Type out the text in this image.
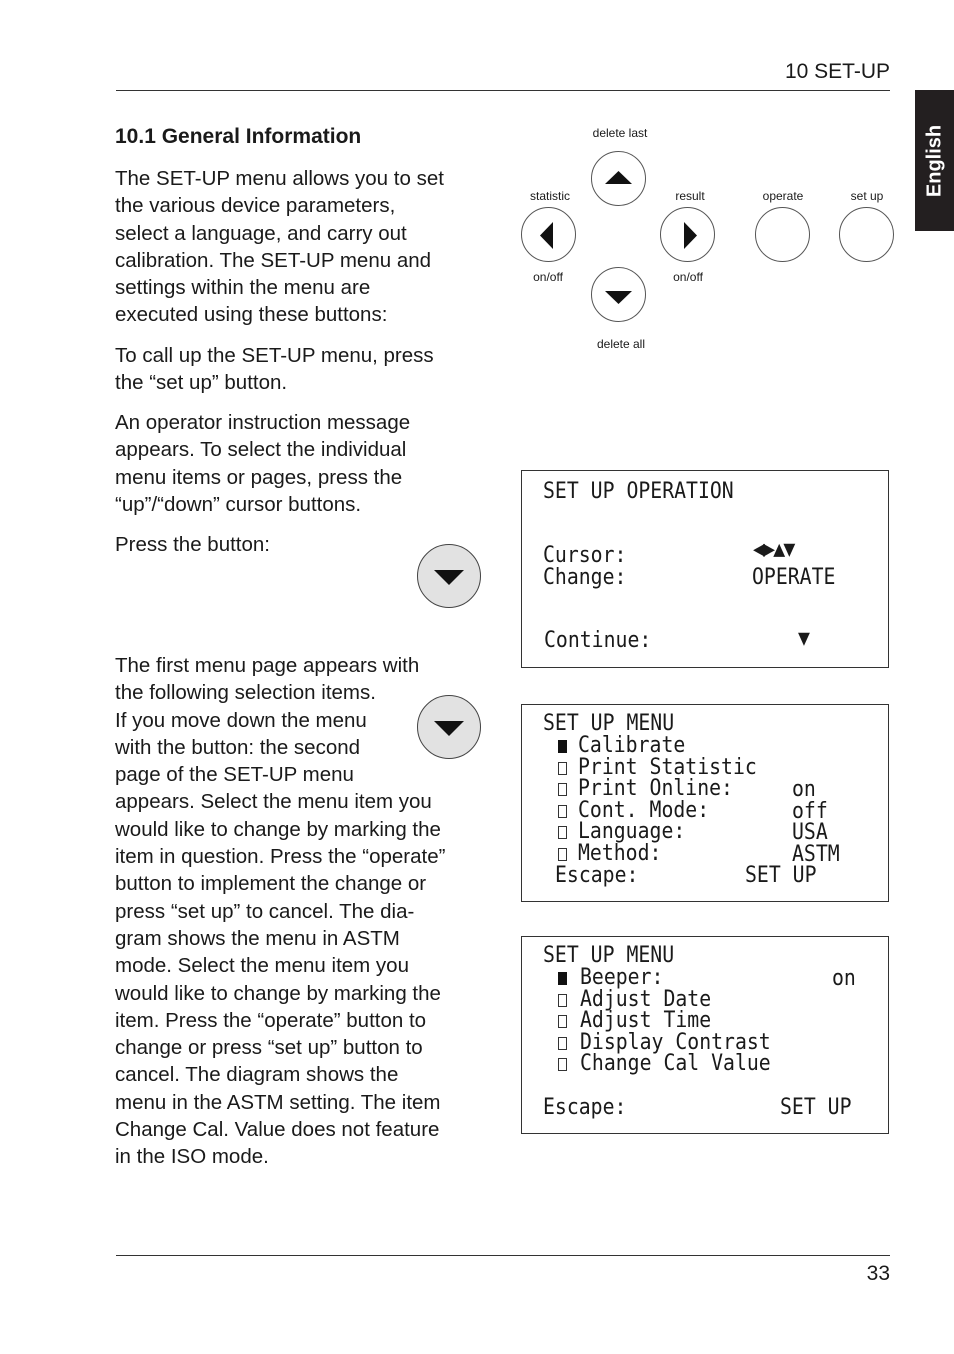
10 SET-UP
English
10.1 General Information
The SET-UP menu allows you to set
the various device parameters,
select a language, and carry out
calibration. The SET-UP menu and
settings within the menu are
executed using these buttons:
To call up the SET-UP menu, press
the “set up” button.
An operator instruction message
appears. To select the individual
menu items or pages, press the
“up”/“down” cursor buttons.
Press the button:
The first menu page appears with
the following selection items.
If you move down the menu
with the button: the second
page of the SET-UP menu
appears. Select the menu item you
would like to change by marking the
item in question. Press the “operate”
button to implement the change or
press “set up” to cancel. The dia-
gram shows the menu in ASTM
mode. Select the menu item you
would like to change by marking the
item. Press the “operate” button to
change or press “set up” button to
cancel. The diagram shows the
menu in the ASTM setting. The item
Change Cal. Value does not feature
in the ISO mode.
delete last
statistic	result	operate	set up
on/off	on/off
delete all
SET UP OPERATION
Cursor:	◀▶▲▼
Change:	OPERATE
Continue:	▼
SET UP MENU
Calibrate
Print Statistic
Print Online:	on
Cont. Mode:	off
Language:	USA
Method:	ASTM
Escape:	SET UP
SET UP MENU
Beeper:	on
Adjust Date
Adjust Time
Display Contrast
Change Cal Value
Escape:	SET UP
33
